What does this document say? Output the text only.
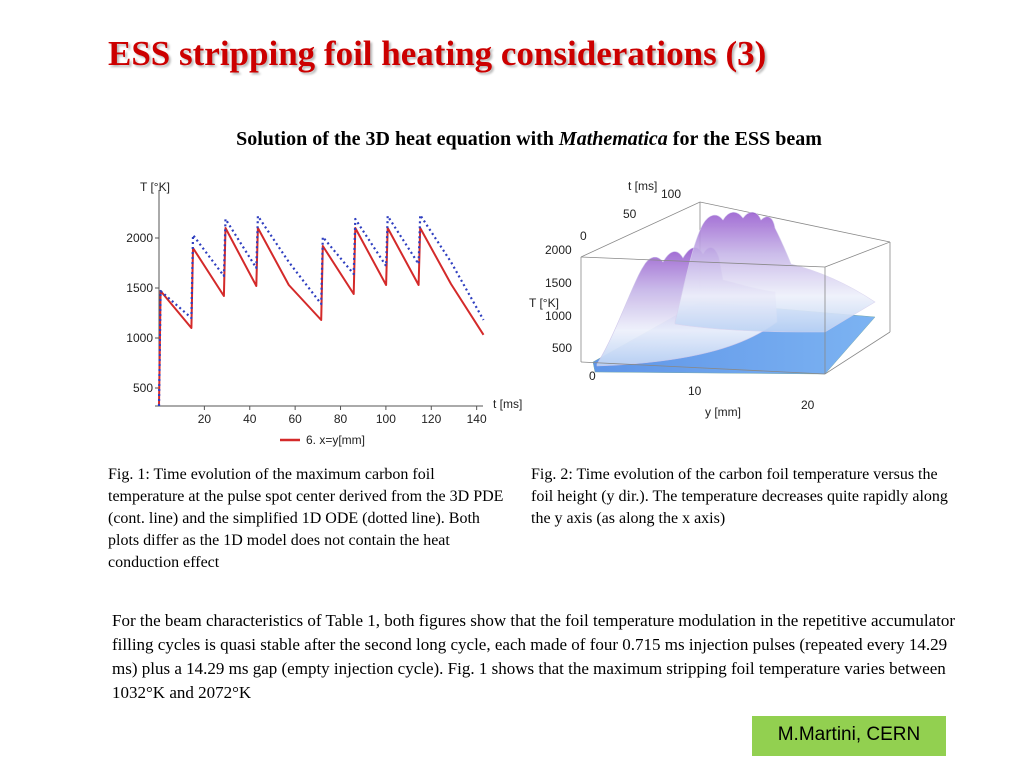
ESS stripping foil heating considerations (3)
Solution of the 3D heat equation with Mathematica for the ESS beam
500
1000
1500
2000
20	40	60	80 100 120 140
T [°K]
t [ms]
6. x=y[mm]
2000
1500
1000
500
T [°K]
t [ms]
100
50
0
0
10
20
y [mm]
Fig. 1: Time evolution of the maximum carbon foil temperature at the pulse spot center derived from the 3D PDE (cont. line) and the simplified 1D ODE (dotted line). Both plots differ as the 1D model does not contain the heat conduction effect
Fig. 2: Time evolution of the carbon foil temperature versus the foil height (y dir.). The temperature decreases quite rapidly along the y axis (as along the x axis)
For the beam characteristics of Table 1, both figures show that the foil temperature modulation in the repetitive accumulator filling cycles is quasi stable after the second long cycle, each made of four 0.715 ms injection pulses (repeated every 14.29 ms) plus a 14.29 ms gap (empty injection cycle). Fig. 1 shows that the maximum stripping foil temperature varies between 1032°K and 2072°K
M.Martini, CERN
